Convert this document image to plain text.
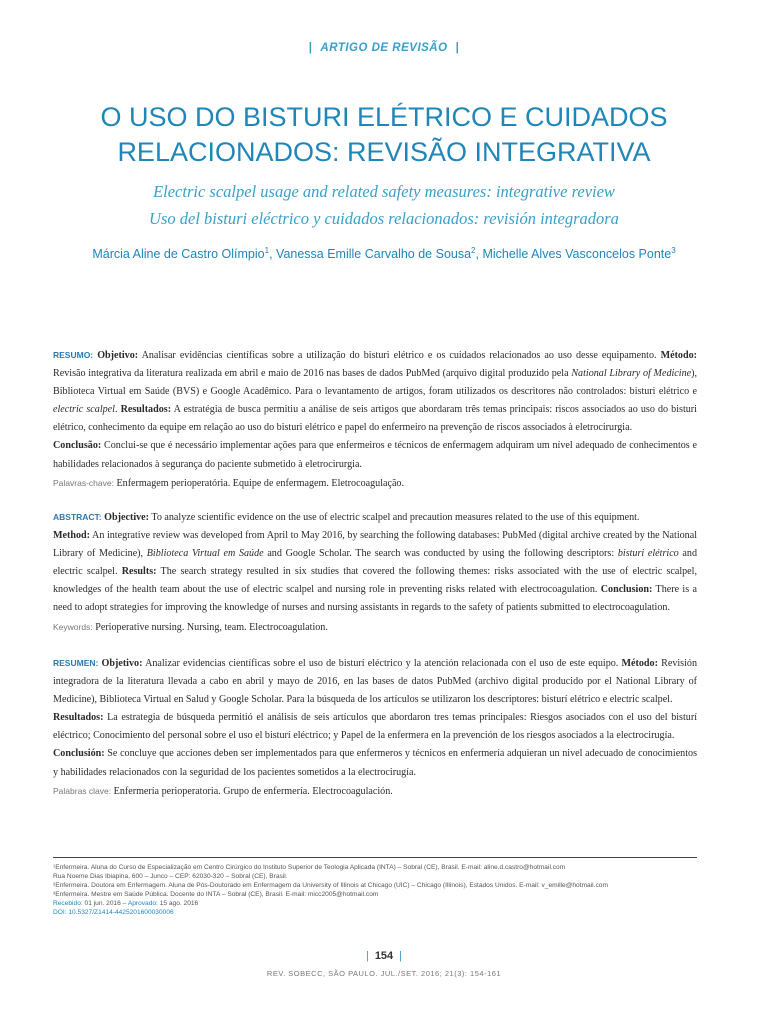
| ARTIGO DE REVISÃO |
O USO DO BISTURI ELÉTRICO E CUIDADOS
RELACIONADOS: REVISÃO INTEGRATIVA
Electric scalpel usage and related safety measures: integrative review
Uso del bisturi eléctrico y cuidados relacionados: revisión integradora
Márcia Aline de Castro Olímpio$^1$, Vanessa Emille Carvalho de Sousa$^2$, Michelle Alves Vasconcelos Ponte$^3$

RESUMO: Objetivo: Analisar evidências científicas sobre a utilização do bisturi elétrico e os cuidados relacionados ao uso desse equipamento. Método: Revisão integrativa da literatura realizada em abril e maio de 2016 nas bases de dados PubMed (arquivo digital produzido pela National Library of Medicine), Biblioteca Virtual em Saúde (BVS) e Google Acadêmico. Para o levantamento de artigos, foram utilizados os descritores não controlados: bisturi elétrico e electric scalpel. Resultados: A estratégia de busca permitiu a análise de seis artigos que abordaram três temas principais: riscos associados ao uso do bisturi elétrico, conhecimento da equipe em relação ao uso do bisturi elétrico e papel do enfermeiro na prevenção de riscos associados à eletrocirurgia.
Conclusão: Conclui-se que é necessário implementar ações para que enfermeiros e técnicos de enfermagem adquiram um nível adequado de conhecimentos e habilidades relacionados à segurança do paciente submetido à eletrocirurgia.
Palavras-chave: Enfermagem perioperatória. Equipe de enfermagem. Eletrocoagulação.

ABSTRACT: Objective: To analyze scientific evidence on the use of electric scalpel and precaution measures related to the use of this equipment.
Method: An integrative review was developed from April to May 2016, by searching the following databases: PubMed (digital archive created by the National Library of Medicine), Biblioteca Virtual em Saúde and Google Scholar. The search was conducted by using the following descriptors: bisturi elétrico and electric scalpel. Results: The search strategy resulted in six studies that covered the following themes: risks associated with the use of electric scalpel, knowledges of the health team about the use of electric scalpel and nursing role in preventing risks related with electrocoagulation. Conclusion: There is a need to adopt strategies for improving the knowledge of nurses and nursing assistants in regards to the safety of patients submitted to electrocoagulation.
Keywords: Perioperative nursing. Nursing, team. Electrocoagulation.

RESUMEN: Objetivo: Analizar evidencias científicas sobre el uso de bisturí eléctrico y la atención relacionada con el uso de este equipo. Método: Revisión integradora de la literatura llevada a cabo en abril y mayo de 2016, en las bases de datos PubMed (archivo digital producido por el National Library of Medicine), Biblioteca Virtual en Salud y Google Scholar. Para la búsqueda de los artículos se utilizaron los descriptores: bisturí elétrico e electric scalpel.
Resultados: La estrategia de búsqueda permitió el análisis de seis artículos que abordaron tres temas principales: Riesgos asociados con el uso del bisturí eléctrico; Conocimiento del personal sobre el uso el bisturí eléctrico; y Papel de la enfermera en la prevención de los riesgos asociados a la electrocirugía.
Conclusión: Se concluye que acciones deben ser implementados para que enfermeros y técnicos en enfermería adquieran un nivel adecuado de conocimientos y habilidades relacionados con la seguridad de los pacientes sometidos a la electrocirugía.
Palabras clave: Enfermería perioperatoria. Grupo de enfermería. Electrocoagulación.

¹Enfermeira. Aluna do Curso de Especialização em Centro Cirúrgico do Instituto Superior de Teologia Aplicada (INTA) – Sobral (CE), Brasil. E-mail: aline.d.castro@hotmail.com
Rua Noeme Dias Ibiapina, 600 – Junco – CEP: 62030-320 – Sobral (CE), Brasil.
²Enfermeira. Doutora em Enfermagem. Aluna de Pós-Doutorado em Enfermagem da University of Illinois at Chicago (UIC) – Chicago (Illinois), Estados Unidos. E-mail: v_emille@hotmail.com
³Enfermeira. Mestre em Saúde Pública. Docente do INTA – Sobral (CE), Brasil. E-mail: micc2005@hotmail.com
Recebido: 01 jun. 2016 – Aprovado: 15 ago. 2016
DOI: 10.5327/Z1414-4425201600030006
| 154 |
REV. SOBECC, SÃO PAULO. JUL./SET. 2016; 21(3): 154-161
